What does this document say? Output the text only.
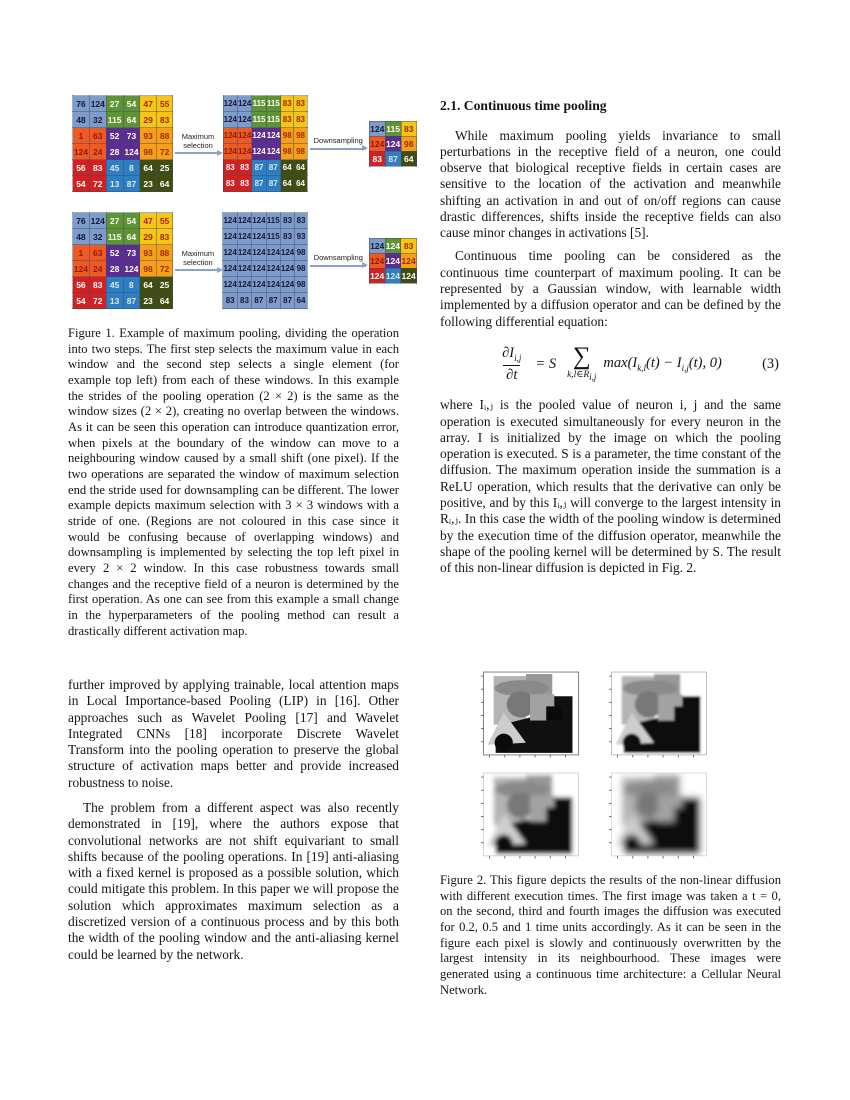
76	124	27	54	47	55
48	32	115	64	29	83
1	63	52	73	93	88
124	24	28	124	98	72
56	83	45	8	64	25
54	72	13	87	23	64
Maximum selection
124	124	115	115	83	83
124	124	115	115	83	83
124	124	124	124	98	98
124	124	124	124	98	98
83	83	87	87	64	64
83	83	87	87	64	64
Downsampling
124	115	83
124	124	98
83	87	64
76	124	27	54	47	55
48	32	115	64	29	83
1	63	52	73	93	88
124	24	28	124	98	72
56	83	45	8	64	25
54	72	13	87	23	64
Maximum selection
124	124	124	115	83	83
124	124	124	115	83	93
124	124	124	124	124	98
124	124	124	124	124	98
124	124	124	124	124	98
83	83	87	87	87	64
Downsampling
124	124	83
124	124	124
124	124	124
Figure 1. Example of maximum pooling, dividing the operation into two steps. The first step selects the maximum value in each window and the second step selects a single element (for example top left) from each of these windows. In this example the strides of the pooling operation (2 × 2) is the same as the window sizes (2 × 2), creating no overlap between the windows. As it can be seen this operation can introduce quantization error, when pixels at the boundary of the window can move to a neighbouring window caused by a small shift (one pixel). If the two operations are separated the window of maximum selection end the stride used for downsampling can be different. The lower example depicts maximum selection with 3 × 3 windows with a stride of one. (Regions are not coloured in this case since it would be confusing because of overlapping windows) and downsampling is implemented by selecting the top left pixel in every 2 × 2 window. In this case robustness towards small changes and the receptive field of a neuron is determined by the first operation. As one can see from this example a small change in the hyperparameters of the pooling method can result a drastically different activation map.

further improved by applying trainable, local attention maps in Local Importance-based Pooling (LIP) in [16]. Other approaches such as Wavelet Pooling [17] and Wavelet Integrated CNNs [18] incorporate Discrete Wavelet Transform into the pooling operation to preserve the global structure of activation maps better and provide increased robustness to noise.

The problem from a different aspect was also recently demonstrated in [19], where the authors expose that convolutional networks are not shift equivariant to small shifts because of the pooling operations. In [19] anti-aliasing with a fixed kernel is proposed as a possible solution, which could mitigate this problem. In this paper we will propose the solution which approximates maximum selection as a discretized version of a continuous process and by this both the width of the pooling window and the anti-aliasing kernel could be learned by the network.

2.1. Continuous time pooling

While maximum pooling yields invariance to small perturbations in the receptive field of a neuron, one could observe that biological receptive fields in certain cases are sensitive to the location of the activation and meanwhile shifting an activation in and out of on/off regions can cause drastic differences, shifts inside the receptive fields can also cause minor changes in activations [5].

Continuous time pooling can be considered as the continuous time counterpart of maximum pooling. It can be represented by a Gaussian window, with learnable width implemented by a diffusion operator and can be defined by the following differential equation:

$\frac{\partial I_{i,j}}{\partial t} = S$ ∑
$k,l\in R_{i,j}$
$\max(I_{k,l}(t) - I_{i,j}(t)$, 0)	(3)

where Iᵢ,ⱼ is the pooled value of neuron i, j and the same operation is executed simultaneously for every neuron in the array. I is initialized by the image on which the pooling operation is executed. S is a parameter, the time constant of the diffusion. The maximum operation inside the summation is a ReLU operation, which results that the derivative can only be positive, and by this Iᵢ,ⱼ will converge to the largest intensity in Rᵢ,ⱼ. In this case the width of the pooling window is determined by the execution time of the diffusion operator, meanwhile the shape of the pooling kernel will be determined by S. The result of this non-linear diffusion is depicted in Fig. 2.

Figure 2. This figure depicts the results of the non-linear diffusion with different execution times. The first image was taken a t = 0, on the second, third and fourth images the diffusion was executed for 0.2, 0.5 and 1 time units accordingly. As it can be seen in the figure each pixel is slowly and continuously overwritten by the largest intensity in its neighbourhood. These images were generated using a continuous time architecture: a Cellular Neural Network.
